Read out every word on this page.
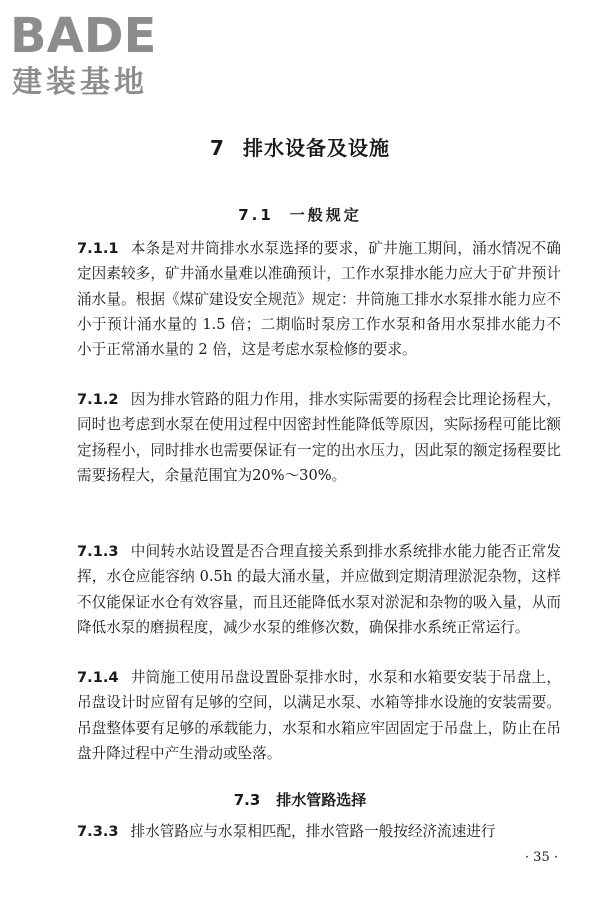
BADE
建装基地
7 排水设备及设施
7.1 一般规定
7.1.1 本条是对井筒排水水泵选择的要求，矿井施工期间，涌水情况不确定因素较多，矿井涌水量难以准确预计，工作水泵排水能力应大于矿井预计涌水量。根据《煤矿建设安全规范》规定：井筒施工排水水泵排水能力应不小于预计涌水量的 1.5 倍；二期临时泵房工作水泵和备用水泵排水能力不小于正常涌水量的 2 倍，这是考虑水泵检修的要求。
7.1.2 因为排水管路的阻力作用，排水实际需要的扬程会比理论扬程大，同时也考虑到水泵在使用过程中因密封性能降低等原因，实际扬程可能比额定扬程小，同时排水也需要保证有一定的出水压力，因此泵的额定扬程要比需要扬程大，余量范围宜为20%～30%。
7.1.3 中间转水站设置是否合理直接关系到排水系统排水能力能否正常发挥，水仓应能容纳 0.5h 的最大涌水量，并应做到定期清理淤泥杂物，这样不仅能保证水仓有效容量，而且还能降低水泵对淤泥和杂物的吸入量，从而降低水泵的磨损程度，减少水泵的维修次数，确保排水系统正常运行。
7.1.4 井筒施工使用吊盘设置卧泵排水时，水泵和水箱要安装于吊盘上，吊盘设计时应留有足够的空间，以满足水泵、水箱等排水设施的安装需要。吊盘整体要有足够的承载能力，水泵和水箱应牢固固定于吊盘上，防止在吊盘升降过程中产生滑动或坠落。
7.3 排水管路选择
7.3.3 排水管路应与水泵相匹配，排水管路一般按经济流速进行
· 35 ·
